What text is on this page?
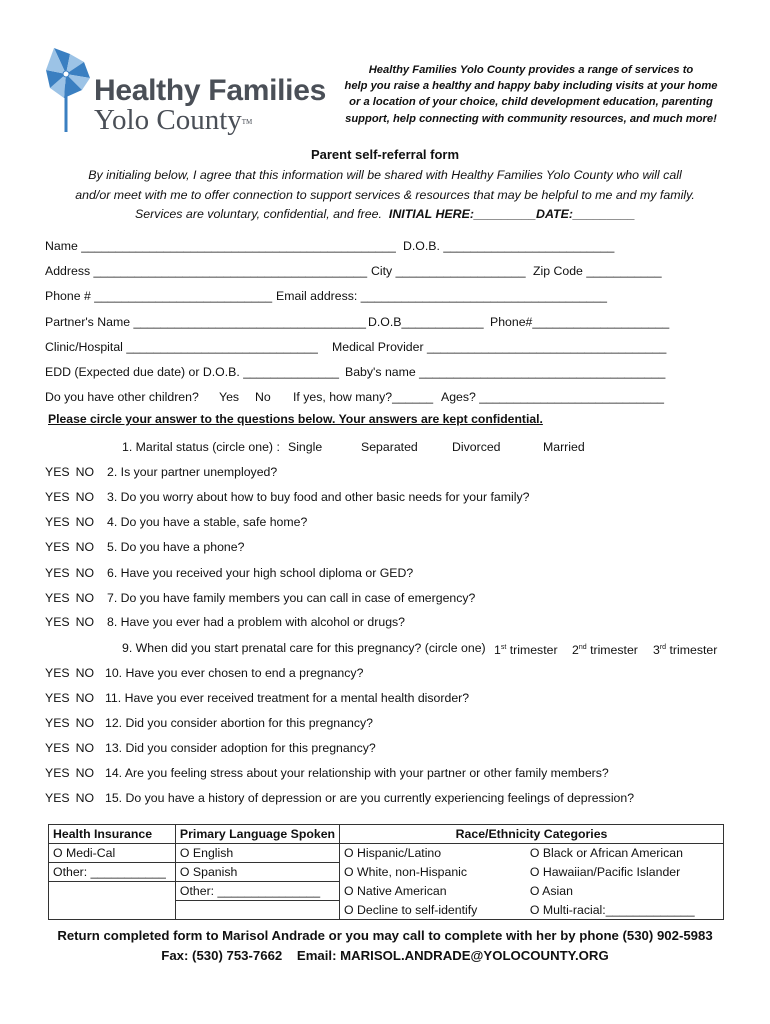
Healthy Families
Yolo County™
Healthy Families Yolo County provides a range of services to
help you raise a healthy and happy baby including visits at your home
or a location of your choice, child development education, parenting
support, help connecting with community resources, and much more!
Parent self-referral form
By initialing below, I agree that this information will be shared with Healthy Families Yolo County who will call
and/or meet with me to offer connection to support services & resources that may be helpful to me and my family.
Services are voluntary, confidential, and free. INITIAL HERE:_________DATE:_________
Name ______________________________________________ D.O.B. _________________________
Address ________________________________________ City ___________________ Zip Code ___________
Phone # __________________________ Email address: ____________________________________
Partner's Name __________________________________ D.O.B____________ Phone#____________________
Clinic/Hospital ____________________________ Medical Provider ___________________________________
EDD (Expected due date) or D.O.B. ______________ Baby's name ____________________________________
Do you have other children? Yes No If yes, how many?______ Ages? ___________________________
Please circle your answer to the questions below. Your answers are kept confidential.
1. Marital status (circle one) : Single	Separated	Divorced	Married
YES NO	2. Is your partner unemployed?
YES NO	3. Do you worry about how to buy food and other basic needs for your family?
YES NO	4. Do you have a stable, safe home?
YES NO	5. Do you have a phone?
YES NO	6. Have you received your high school diploma or GED?
YES NO	7. Do you have family members you can call in case of emergency?
YES NO	8. Have you ever had a problem with alcohol or drugs?
9. When did you start prenatal care for this pregnancy? (circle one) 1st trimester 2nd trimester 3rd trimester
YES NO 10. Have you ever chosen to end a pregnancy?
YES NO 11. Have you ever received treatment for a mental health disorder?
YES NO 12. Did you consider abortion for this pregnancy?
YES NO 13. Did you consider adoption for this pregnancy?
YES NO 14. Are you feeling stress about your relationship with your partner or other family members?
YES NO 15. Do you have a history of depression or are you currently experiencing feelings of depression?
Health Insurance	Primary Language Spoken	Race/Ethnicity Categories	
O Medi-Cal	O English	O Hispanic/Latino	O Black or African American
Other: ___________	O Spanish	O White, non-Hispanic	O Hawaiian/Pacific Islander
	Other: _______________	O Native American	O Asian
		O Decline to self-identify	O Multi-racial:_____________
Return completed form to Marisol Andrade or you may call to complete with her by phone (530) 902-5983
Fax: (530) 753-7662 Email: MARISOL.ANDRADE@YOLOCOUNTY.ORG
